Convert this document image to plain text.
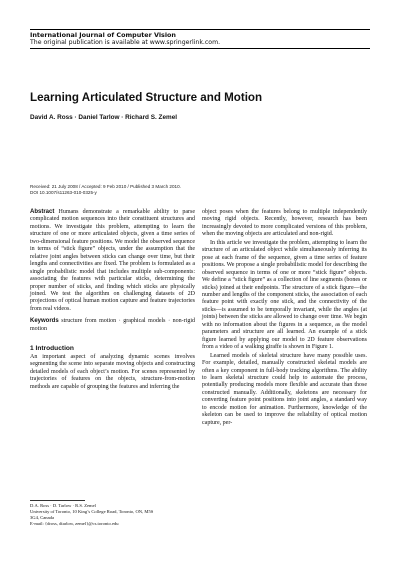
International Journal of Computer Vision
The original publication is available at www.springerlink.com.
Learning Articulated Structure and Motion
David A. Ross · Daniel Tarlow · Richard S. Zemel
Received: 21 July 2008 / Accepted: 9 Feb 2010 / Published 3 March 2010.
DOI 10.1007/s11263-010-0325-y

Abstract Humans demonstrate a remarkable ability to parse complicated motion sequences into their constituent structures and motions. We investigate this problem, attempting to learn the structure of one or more articulated objects, given a time series of two-dimensional feature positions. We model the observed sequence in terms of “stick figure” objects, under the assumption that the relative joint angles between sticks can change over time, but their lengths and connectivities are fixed. The problem is formulated as a single probabilistic model that includes multiple sub-components: associating the features with particular sticks, determining the proper number of sticks, and finding which sticks are physically joined. We test the algorithm on challenging datasets of 2D projections of optical human motion capture and feature trajectories from real videos.

Keywords structure from motion · graphical models · non-rigid motion

1 Introduction

An important aspect of analyzing dynamic scenes involves segmenting the scene into separate moving objects and constructing detailed models of each object’s motion. For scenes represented by trajectories of features on the objects, structure-from-motion methods are capable of grouping the features and inferring the

object poses when the features belong to multiple independently moving rigid objects. Recently, however, research has been increasingly devoted to more complicated versions of this problem, when the moving objects are articulated and non-rigid.

In this article we investigate the problem, attempting to learn the structure of an articulated object while simultaneously inferring its pose at each frame of the sequence, given a time series of feature positions. We propose a single probabilistic model for describing the observed sequence in terms of one or more “stick figure” objects. We define a “stick figure” as a collection of line segments (bones or sticks) joined at their endpoints. The structure of a stick figure—the number and lengths of the component sticks, the association of each feature point with exactly one stick, and the connectivity of the sticks—is assumed to be temporally invariant, while the angles (at joints) between the sticks are allowed to change over time. We begin with no information about the figures in a sequence, as the model parameters and structure are all learned. An example of a stick figure learned by applying our model to 2D feature observations from a video of a walking giraffe is shown in Figure 1.

Learned models of skeletal structure have many possible uses. For example, detailed, manually constructed skeletal models are often a key component in full-body tracking algorithms. The ability to learn skeletal structure could help to automate the process, potentially producing models more flexible and accurate than those constructed manually. Additionally, skeletons are necessary for converting feature point positions into joint angles, a standard way to encode motion for animation. Furthermore, knowledge of the skeleton can be used to improve the reliability of optical motion capture, per-

D.A. Ross · D. Tarlow · R.S. Zemel
University of Toronto, 10 King’s College Road, Toronto, ON, M5S
3G4, Canada
E-mail: {dross, dtarlow, zemel}@cs.toronto.edu
